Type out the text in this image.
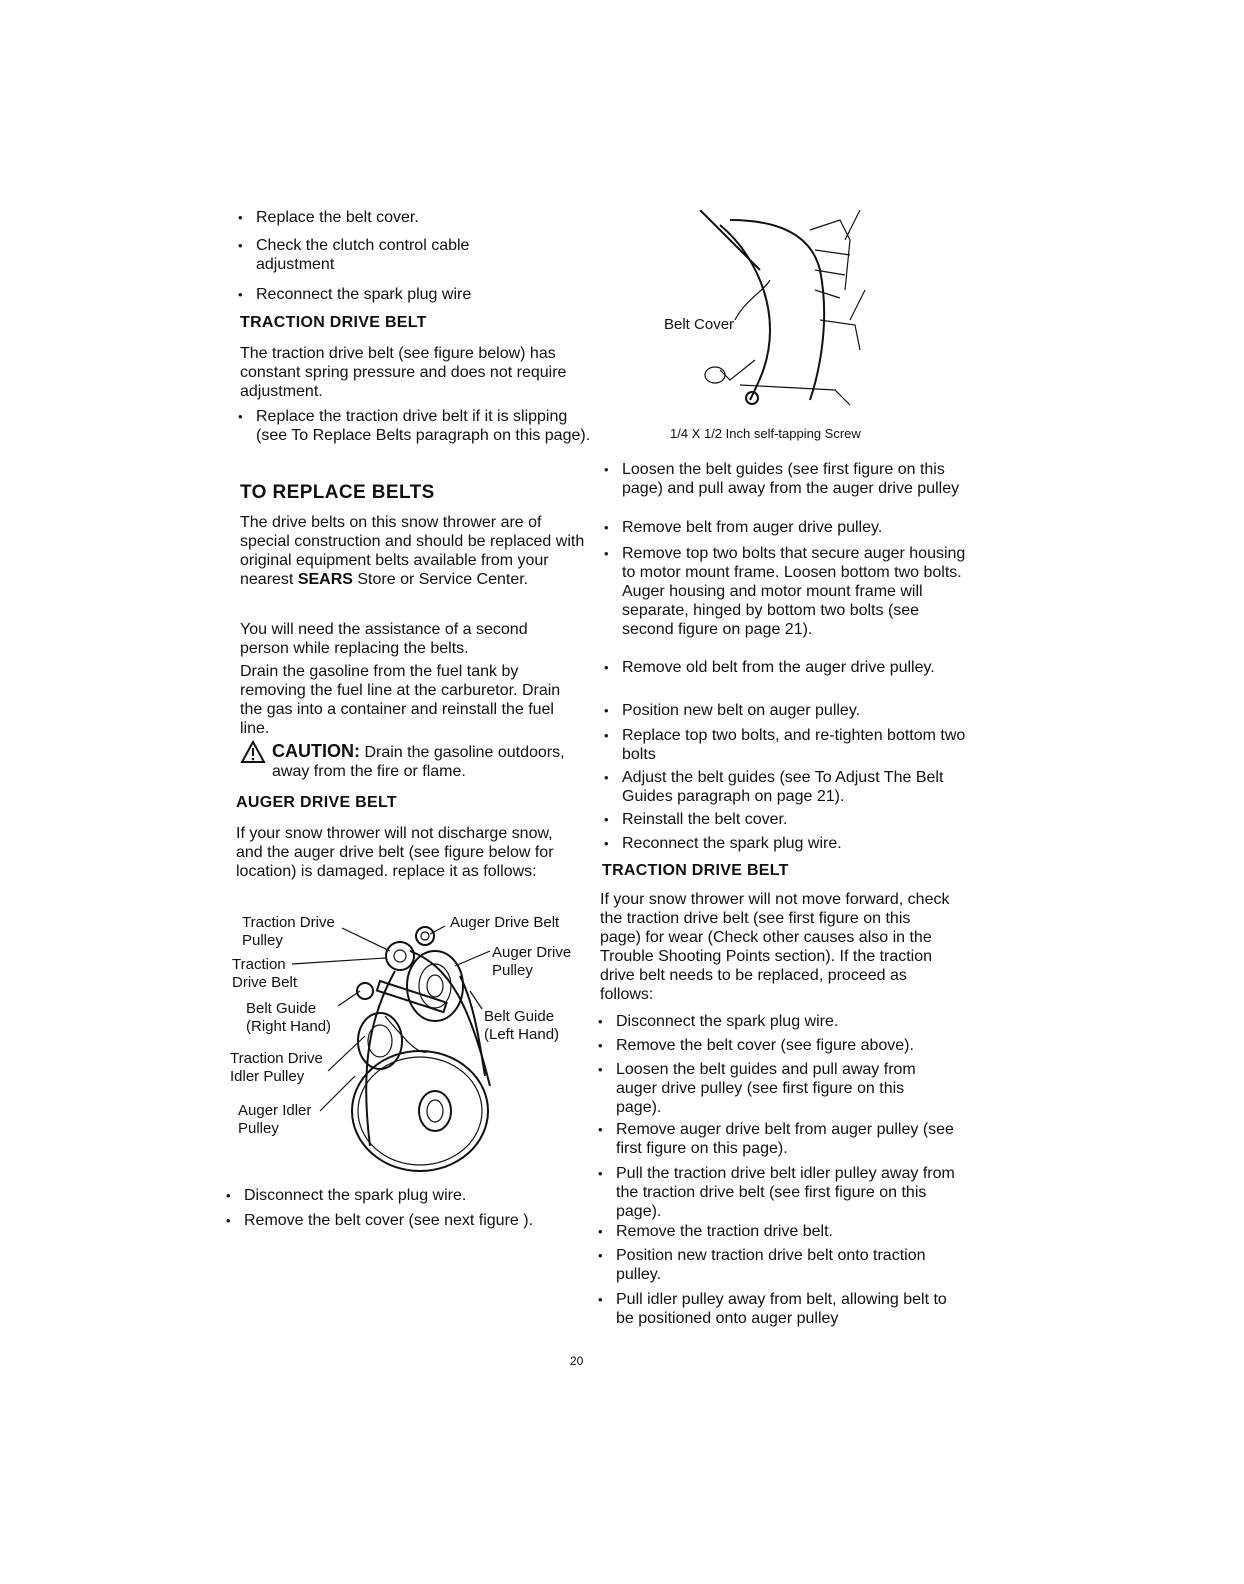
• Replace the belt cover.
• Check the clutch control cable adjustment
• Reconnect the spark plug wire
TRACTION DRIVE BELT
The traction drive belt (see figure below) has constant spring pressure and does not require adjustment.
• Replace the traction drive belt if it is slipping (see To Replace Belts paragraph on this page).
TO REPLACE BELTS
The drive belts on this snow thrower are of special construction and should be replaced with original equipment belts available from your nearest SEARS Store or Service Center.
You will need the assistance of a second person while replacing the belts.
Drain the gasoline from the fuel tank by removing the fuel line at the carburetor. Drain the gas into a container and reinstall the fuel line.
CAUTION: Drain the gasoline outdoors, away from the fire or flame.
AUGER DRIVE BELT
If your snow thrower will not discharge snow, and the auger drive belt (see figure below for location) is damaged. replace it as follows:
Traction Drive Pulley
Traction Drive Belt
Belt Guide (Right Hand)
Traction Drive Idler Pulley
Auger Idler Pulley
Auger Drive Belt
Auger Drive Pulley
Belt Guide (Left Hand)
• Disconnect the spark plug wire.
• Remove the belt cover (see next figure ).
Belt Cover
1/4 X 1/2 Inch self-tapping Screw
• Loosen the belt guides (see first figure on this page) and pull away from the auger drive pulley
• Remove belt from auger drive pulley.
• Remove top two bolts that secure auger housing to motor mount frame. Loosen bottom two bolts. Auger housing and motor mount frame will separate, hinged by bottom two bolts (see second figure on page 21).
• Remove old belt from the auger drive pulley.
• Position new belt on auger pulley.
• Replace top two bolts, and re-tighten bottom two bolts
• Adjust the belt guides (see To Adjust The Belt Guides paragraph on page 21).
• Reinstall the belt cover.
• Reconnect the spark plug wire.
TRACTION DRIVE BELT
If your snow thrower will not move forward, check the traction drive belt (see first figure on this page) for wear (Check other causes also in the Trouble Shooting Points section). If the traction drive belt needs to be replaced, proceed as follows:
• Disconnect the spark plug wire.
• Remove the belt cover (see figure above).
• Loosen the belt guides and pull away from auger drive pulley (see first figure on this page).
• Remove auger drive belt from auger pulley (see first figure on this page).
• Pull the traction drive belt idler pulley away from the traction drive belt (see first figure on this page).
• Remove the traction drive belt.
• Position new traction drive belt onto traction pulley.
• Pull idler pulley away from belt, allowing belt to be positioned onto auger pulley
20
